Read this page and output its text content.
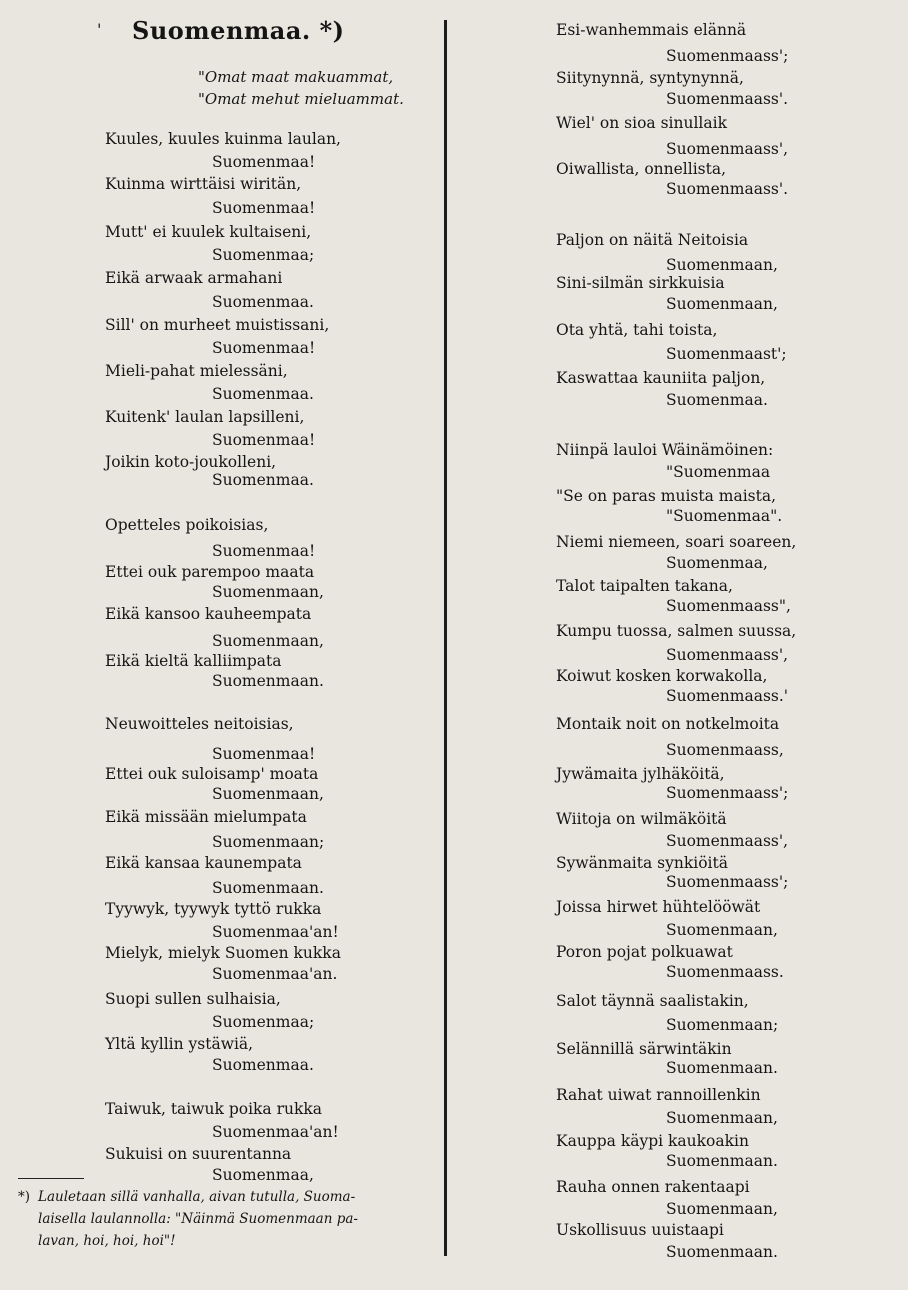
' Suomenmaa. *)
"Omat maat makuammat,
"Omat mehut mieluammat.
Kuules, kuules kuinma laulan,
Suomenmaa!
Kuinma wirttäisi wiritän,
Suomenmaa!
Mutt' ei kuulek kultaiseni,
Suomenmaa;
Eikä arwaak armahani
Suomenmaa.
Sill' on murheet muistissani,
Suomenmaa!
Mieli-pahat mielessäni,
Suomenmaa.
Kuitenk' laulan lapsilleni,
Suomenmaa!
Joikin koto-joukolleni,
Suomenmaa.
Opetteles poikoisias,
Suomenmaa!
Ettei ouk parempoo maata
Suomenmaan,
Eikä kansoo kauheempata
Suomenmaan,
Eikä kieltä kalliimpata
Suomenmaan.
Neuwoitteles neitoisias,
Suomenmaa!
Ettei ouk suloisamp' moata
Suomenmaan,
Eikä missään mielumpata
Suomenmaan;
Eikä kansaa kaunempata
Suomenmaan.
Tyywyk, tyywyk tyttö rukka
Suomenmaa'an!
Mielyk, mielyk Suomen kukka
Suomenmaa'an.
Suopi sullen sulhaisia,
Suomenmaa;
Yltä kyllin ystäwiä,
Suomenmaa.
Taiwuk, taiwuk poika rukka
Suomenmaa'an!
Sukuisi on suurentanna
Suomenmaa,
*) Lauletaan sillä vanhalla, aivan tutulla, Suoma-
laisella laulannolla: "Näinmä Suomenmaan pa-
lavan, hoi, hoi, hoi"!
Esi-wanhemmais elännä
Suomenmaass';
Siitynynnä, syntynynnä,
Suomenmaass'.
Wiel' on sioa sinullaik
Suomenmaass',
Oiwallista, onnellista,
Suomenmaass'.
Paljon on näitä Neitoisia
Suomenmaan,
Sini-silmän sirkkuisia
Suomenmaan,
Ota yhtä, tahi toista,
Suomenmaast';
Kaswattaa kauniita paljon,
Suomenmaa.
Niinpä lauloi Wäinämöinen:
"Suomenmaa
"Se on paras muista maista,
"Suomenmaa".
Niemi niemeen, soari soareen,
Suomenmaa,
Talot taipalten takana,
Suomenmaass",
Kumpu tuossa, salmen suussa,
Suomenmaass',
Koiwut kosken korwakolla,
Suomenmaass.'
Montaik noit on notkelmoita
Suomenmaass,
Jywämaita jylhäköitä,
Suomenmaass';
Wiitoja on wilmäköitä
Suomenmaass',
Sywänmaita synkiöitä
Suomenmaass';
Joissa hirwet hühtelööwät
Suomenmaan,
Poron pojat polkuawat
Suomenmaass.
Salot täynnä saalistakin,
Suomenmaan;
Selännillä särwintäkin
Suomenmaan.
Rahat uiwat rannoillenkin
Suomenmaan,
Kauppa käypi kaukoakin
Suomenmaan.
Rauha onnen rakentaapi
Suomenmaan,
Uskollisuus uuistaapi
Suomenmaan.
